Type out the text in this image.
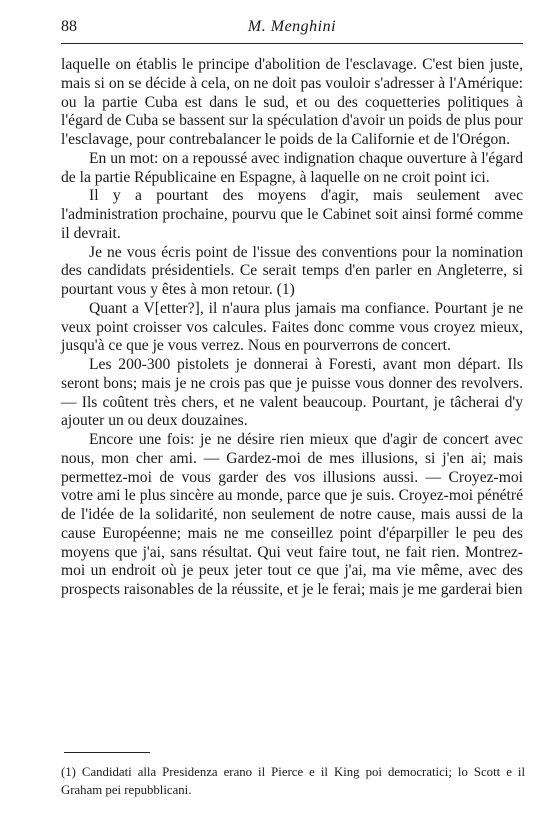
88	M. Menghini

laquelle on établis le principe d'abolition de l'esclavage. C'est bien juste, mais si on se décide à cela, on ne doit pas vouloir s'adresser à l'Amérique: ou la partie Cuba est dans le sud, et ou des coquetteries politiques à l'égard de Cuba se bassent sur la spéculation d'avoir un poids de plus pour l'esclavage, pour contrebalancer le poids de la Californie et de l'Orégon.

En un mot: on a repoussé avec indignation chaque ouverture à l'égard de la partie Républicaine en Espagne, à laquelle on ne croit point ici.

Il y a pourtant des moyens d'agir, mais seulement avec l'administration prochaine, pourvu que le Cabinet soit ainsi formé comme il devrait.

Je ne vous écris point de l'issue des conventions pour la nomination des candidats présidentiels. Ce serait temps d'en parler en Angleterre, si pourtant vous y êtes à mon retour. (1)

Quant a V[etter?], il n'aura plus jamais ma confiance. Pourtant je ne veux point croisser vos calcules. Faites donc comme vous croyez mieux, jusqu'à ce que je vous verrez. Nous en pourverrons de concert.

Les 200-300 pistolets je donnerai à Foresti, avant mon départ. Ils seront bons; mais je ne crois pas que je puisse vous donner des revolvers. — Ils coûtent très chers, et ne valent beaucoup. Pourtant, je tâcherai d'y ajouter un ou deux douzaines.

Encore une fois: je ne désire rien mieux que d'agir de concert avec nous, mon cher ami. — Gardez-moi de mes illusions, si j'en ai; mais permettez-moi de vous garder des vos illusions aussi. — Croyez-moi votre ami le plus sincère au monde, parce que je suis. Croyez-moi pénétré de l'idée de la solidarité, non seulement de notre cause, mais aussi de la cause Européenne; mais ne me conseillez point d'éparpiller le peu des moyens que j'ai, sans résultat. Qui veut faire tout, ne fait rien. Montrez-moi un endroit où je peux jeter tout ce que j'ai, ma vie même, avec des prospects raisonables de la réussite, et je le ferai; mais je me garderai bien

(1) Candidati alla Presidenza erano il Pierce e il King poi democratici; lo Scott e il Graham pei repubblicani.
